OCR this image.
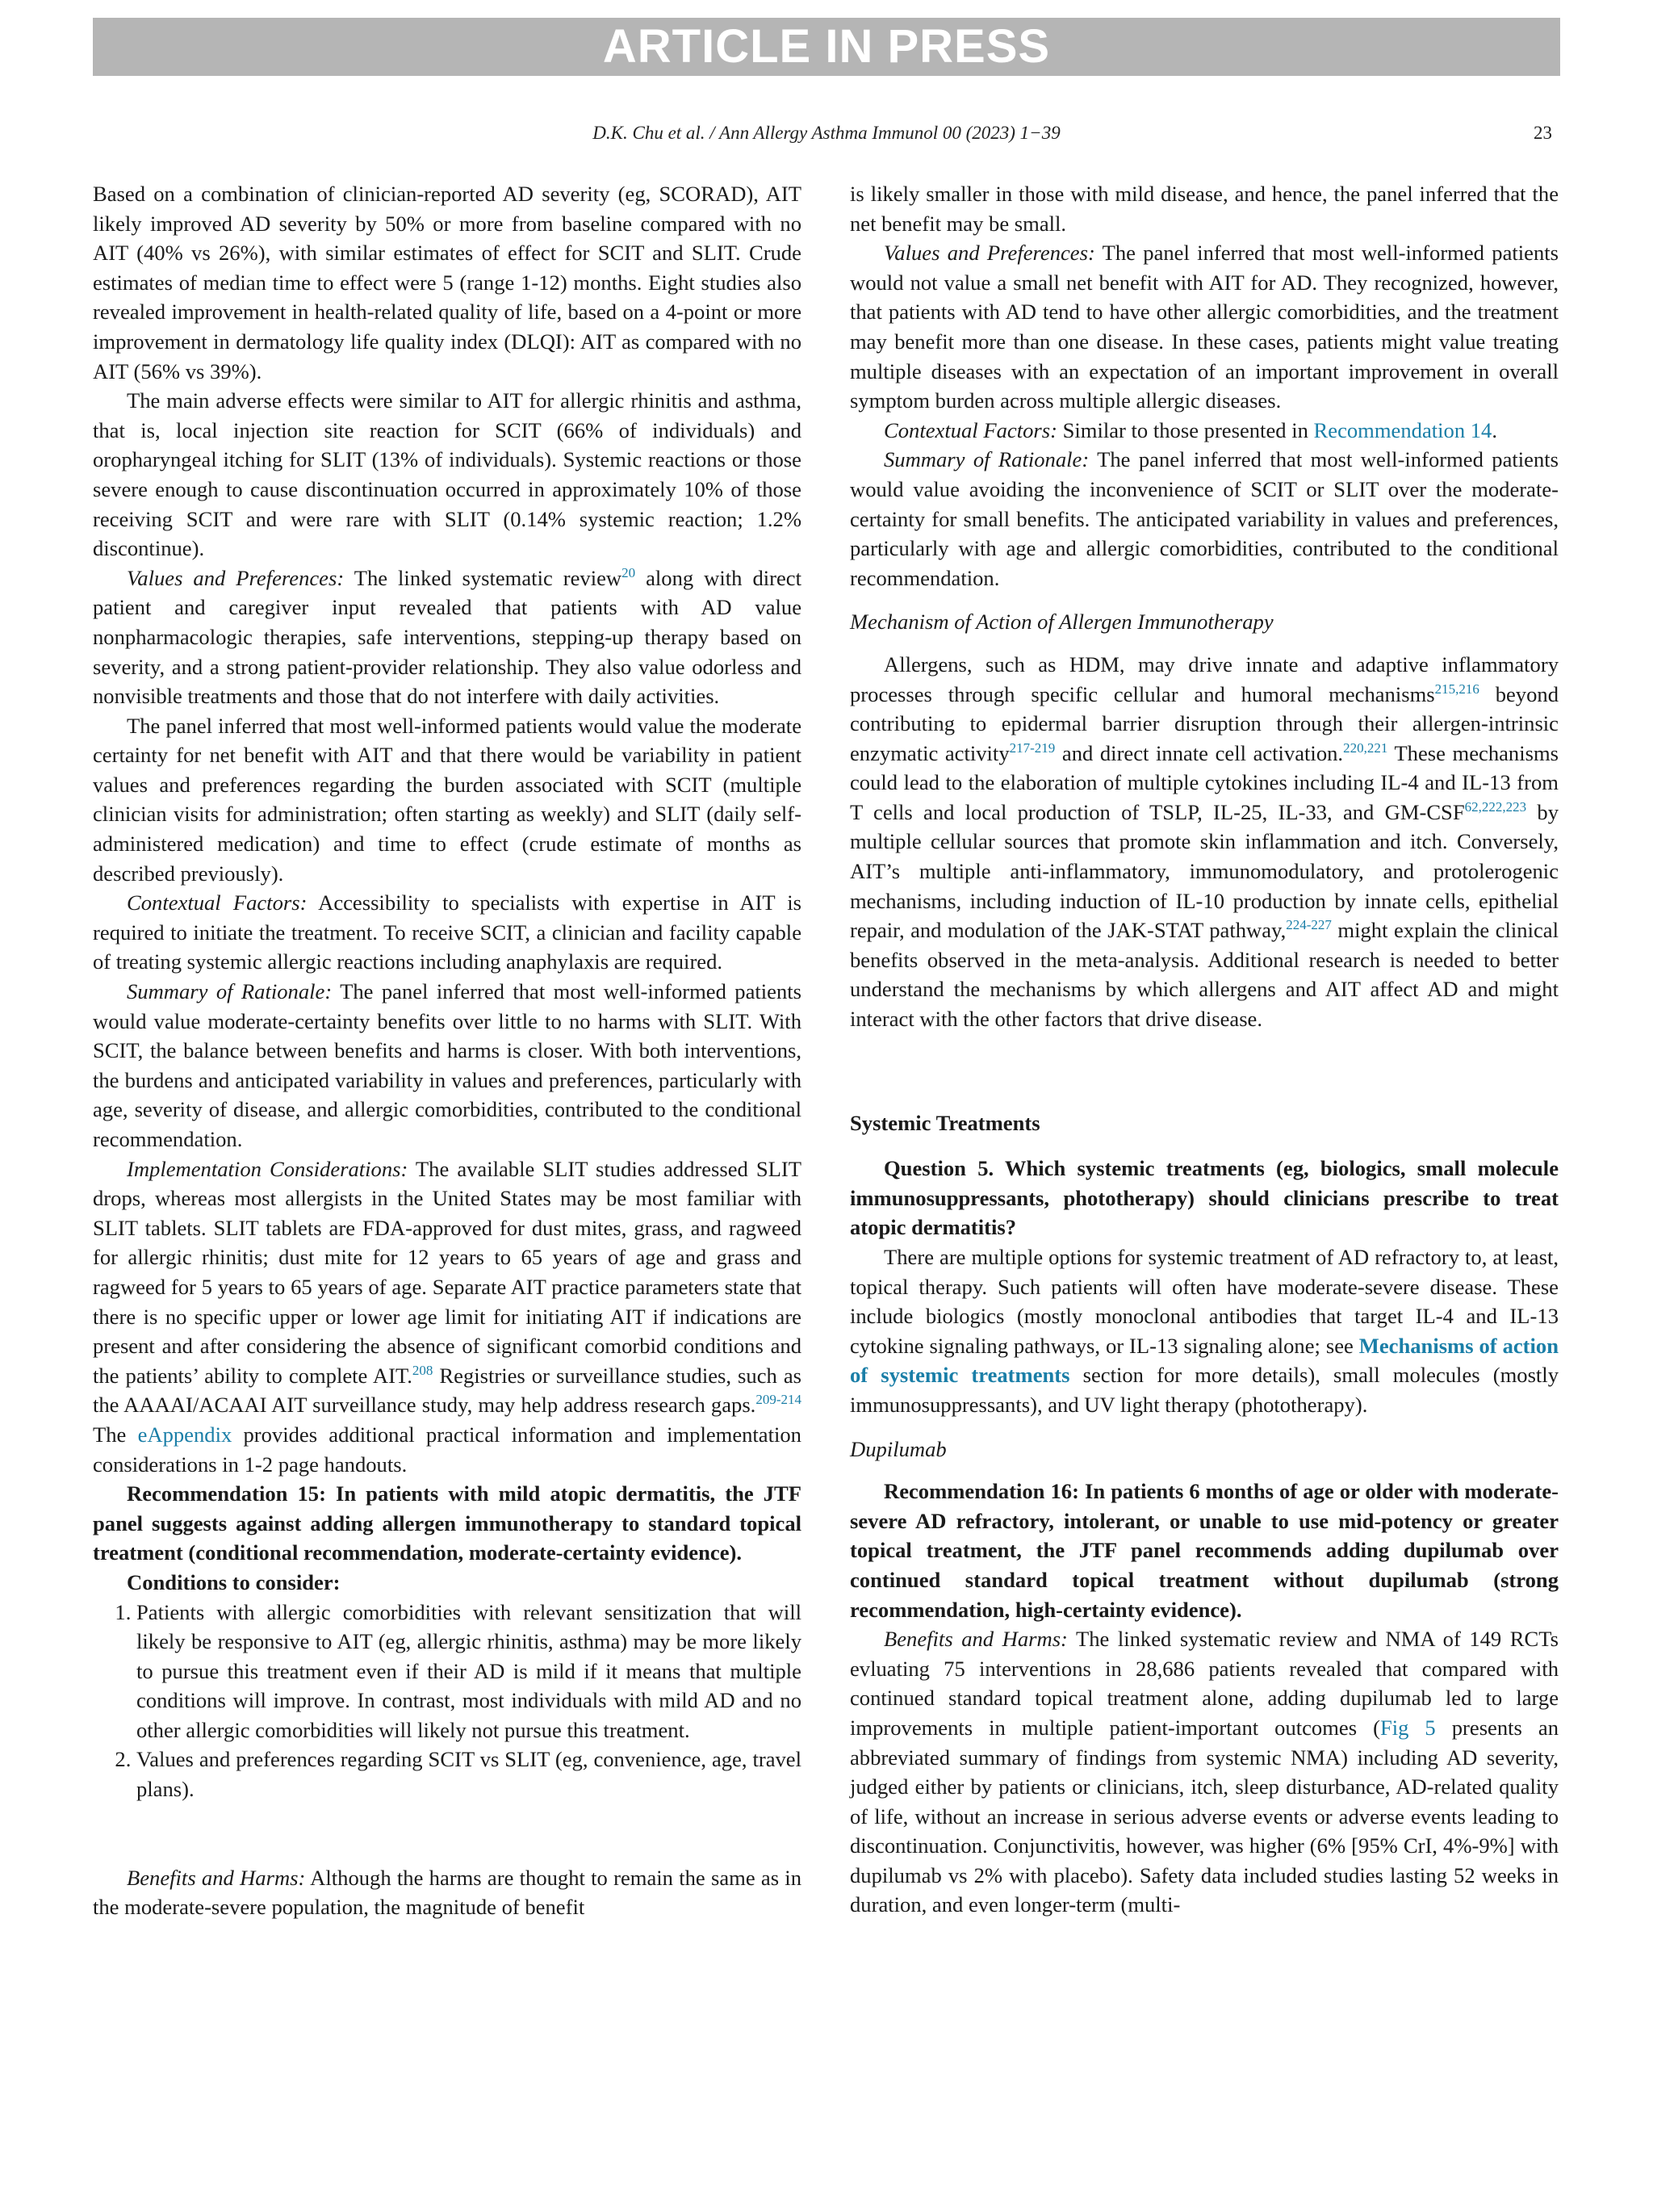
ARTICLE IN PRESS
D.K. Chu et al. / Ann Allergy Asthma Immunol 00 (2023) 1−39	23

Based on a combination of clinician-reported AD severity (eg, SCORAD), AIT likely improved AD severity by 50% or more from baseline compared with no AIT (40% vs 26%), with similar estimates of effect for SCIT and SLIT. Crude estimates of median time to effect were 5 (range 1-12) months. Eight studies also revealed improvement in health-related quality of life, based on a 4-point or more improvement in dermatology life quality index (DLQI): AIT as compared with no AIT (56% vs 39%).

The main adverse effects were similar to AIT for allergic rhinitis and asthma, that is, local injection site reaction for SCIT (66% of individuals) and oropharyngeal itching for SLIT (13% of individuals). Systemic reactions or those severe enough to cause discontinuation occurred in approximately 10% of those receiving SCIT and were rare with SLIT (0.14% systemic reaction; 1.2% discontinue).

Values and Preferences: The linked systematic review$^{20}$ along with direct patient and caregiver input revealed that patients with AD value nonpharmacologic therapies, safe interventions, stepping-up therapy based on severity, and a strong patient-provider relationship. They also value odorless and nonvisible treatments and those that do not interfere with daily activities.

The panel inferred that most well-informed patients would value the moderate certainty for net benefit with AIT and that there would be variability in patient values and preferences regarding the burden associated with SCIT (multiple clinician visits for administration; often starting as weekly) and SLIT (daily self-administered medication) and time to effect (crude estimate of months as described previously).

Contextual Factors: Accessibility to specialists with expertise in AIT is required to initiate the treatment. To receive SCIT, a clinician and facility capable of treating systemic allergic reactions including anaphylaxis are required.

Summary of Rationale: The panel inferred that most well-informed patients would value moderate-certainty benefits over little to no harms with SLIT. With SCIT, the balance between benefits and harms is closer. With both interventions, the burdens and anticipated variability in values and preferences, particularly with age, severity of disease, and allergic comorbidities, contributed to the conditional recommendation.

Implementation Considerations: The available SLIT studies addressed SLIT drops, whereas most allergists in the United States may be most familiar with SLIT tablets. SLIT tablets are FDA-approved for dust mites, grass, and ragweed for allergic rhinitis; dust mite for 12 years to 65 years of age and grass and ragweed for 5 years to 65 years of age. Separate AIT practice parameters state that there is no specific upper or lower age limit for initiating AIT if indications are present and after considering the absence of significant comorbid conditions and the patients’ ability to complete AIT.$^{208}$ Registries or surveillance studies, such as the AAAAI/ACAAI AIT surveillance study, may help address research gaps.$^{209-214}$ The eAppendix provides additional practical information and implementation considerations in 1-2 page handouts.

Recommendation 15: In patients with mild atopic dermatitis, the JTF panel suggests against adding allergen immunotherapy to standard topical treatment (conditional recommendation, moderate-certainty evidence).

Conditions to consider:

1. Patients with allergic comorbidities with relevant sensitization that will likely be responsive to AIT (eg, allergic rhinitis, asthma) may be more likely to pursue this treatment even if their AD is mild if it means that multiple conditions will improve. In contrast, most individuals with mild AD and no other allergic comorbidities will likely not pursue this treatment.
2. Values and preferences regarding SCIT vs SLIT (eg, convenience, age, travel plans).

Benefits and Harms: Although the harms are thought to remain the same as in the moderate-severe population, the magnitude of benefit

is likely smaller in those with mild disease, and hence, the panel inferred that the net benefit may be small.

Values and Preferences: The panel inferred that most well-informed patients would not value a small net benefit with AIT for AD. They recognized, however, that patients with AD tend to have other allergic comorbidities, and the treatment may benefit more than one disease. In these cases, patients might value treating multiple diseases with an expectation of an important improvement in overall symptom burden across multiple allergic diseases.

Contextual Factors: Similar to those presented in Recommendation 14.

Summary of Rationale: The panel inferred that most well-informed patients would value avoiding the inconvenience of SCIT or SLIT over the moderate-certainty for small benefits. The anticipated variability in values and preferences, particularly with age and allergic comorbidities, contributed to the conditional recommendation.

Mechanism of Action of Allergen Immunotherapy

Allergens, such as HDM, may drive innate and adaptive inflammatory processes through specific cellular and humoral mechanisms$^{215,216}$ beyond contributing to epidermal barrier disruption through their allergen-intrinsic enzymatic activity$^{217-219}$ and direct innate cell activation.$^{220,221}$ These mechanisms could lead to the elaboration of multiple cytokines including IL-4 and IL-13 from T cells and local production of TSLP, IL-25, IL-33, and GM-CSF$^{62,222,223}$ by multiple cellular sources that promote skin inflammation and itch. Conversely, AIT’s multiple anti-inflammatory, immunomodulatory, and protolerogenic mechanisms, including induction of IL-10 production by innate cells, epithelial repair, and modulation of the JAK-STAT pathway,$^{224-227}$ might explain the clinical benefits observed in the meta-analysis. Additional research is needed to better understand the mechanisms by which allergens and AIT affect AD and might interact with the other factors that drive disease.

Systemic Treatments

Question 5. Which systemic treatments (eg, biologics, small molecule immunosuppressants, phototherapy) should clinicians prescribe to treat atopic dermatitis?

There are multiple options for systemic treatment of AD refractory to, at least, topical therapy. Such patients will often have moderate-severe disease. These include biologics (mostly monoclonal antibodies that target IL-4 and IL-13 cytokine signaling pathways, or IL-13 signaling alone; see Mechanisms of action of systemic treatments section for more details), small molecules (mostly immunosuppressants), and UV light therapy (phototherapy).

Dupilumab

Recommendation 16: In patients 6 months of age or older with moderate-severe AD refractory, intolerant, or unable to use mid-potency or greater topical treatment, the JTF panel recommends adding dupilumab over continued standard topical treatment without dupilumab (strong recommendation, high-certainty evidence).

Benefits and Harms: The linked systematic review and NMA of 149 RCTs evluating 75 interventions in 28,686 patients revealed that compared with continued standard topical treatment alone, adding dupilumab led to large improvements in multiple patient-important outcomes (Fig 5 presents an abbreviated summary of findings from systemic NMA) including AD severity, judged either by patients or clinicians, itch, sleep disturbance, AD-related quality of life, without an increase in serious adverse events or adverse events leading to discontinuation. Conjunctivitis, however, was higher (6% [95% CrI, 4%-9%] with dupilumab vs 2% with placebo). Safety data included studies lasting 52 weeks in duration, and even longer-term (multi-
